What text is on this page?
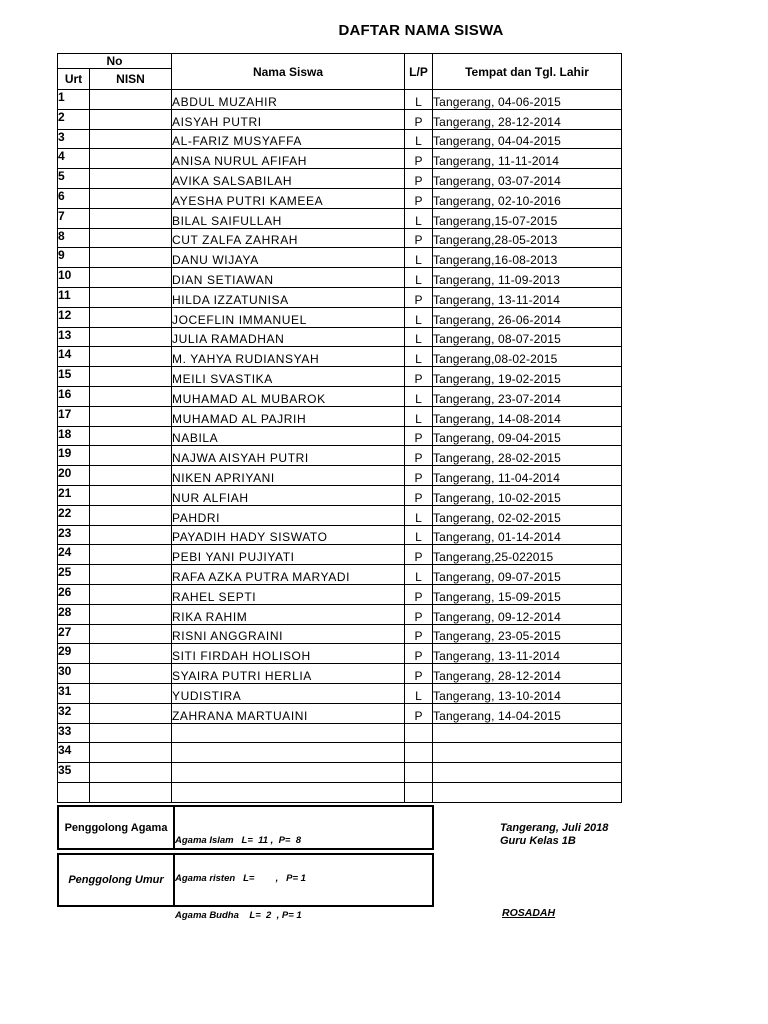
DAFTAR NAMA SISWA
No		Nama Siswa	L/P	Tempat dan Tgl. Lahir
Urt	NISN			
1		ABDUL MUZAHIR	L	Tangerang, 04-06-2015
2		AISYAH PUTRI	P	Tangerang, 28-12-2014
3		AL-FARIZ MUSYAFFA	L	Tangerang, 04-04-2015
4		ANISA NURUL AFIFAH	P	Tangerang, 11-11-2014
5		AVIKA SALSABILAH	P	Tangerang, 03-07-2014
6		AYESHA PUTRI KAMEEA	P	Tangerang, 02-10-2016
7		BILAL SAIFULLAH	L	Tangerang,15-07-2015
8		CUT ZALFA ZAHRAH	P	Tangerang,28-05-2013
9		DANU WIJAYA	L	Tangerang,16-08-2013
10		DIAN SETIAWAN	L	Tangerang, 11-09-2013
11		HILDA IZZATUNISA	P	Tangerang, 13-11-2014
12		JOCEFLIN IMMANUEL	L	Tangerang, 26-06-2014
13		JULIA RAMADHAN	L	Tangerang, 08-07-2015
14		M. YAHYA RUDIANSYAH	L	Tangerang,08-02-2015
15		MEILI SVASTIKA	P	Tangerang, 19-02-2015
16		MUHAMAD AL MUBAROK	L	Tangerang, 23-07-2014
17		MUHAMAD AL PAJRIH	L	Tangerang, 14-08-2014
18		NABILA	P	Tangerang, 09-04-2015
19		NAJWA AISYAH PUTRI	P	Tangerang, 28-02-2015
20		NIKEN APRIYANI	P	Tangerang, 11-04-2014
21		NUR ALFIAH	P	Tangerang, 10-02-2015
22		PAHDRI	L	Tangerang, 02-02-2015
23		PAYADIH HADY SISWATO	L	Tangerang, 01-14-2014
24		PEBI YANI PUJIYATI	P	Tangerang,25-022015
25		RAFA AZKA PUTRA MARYADI	L	Tangerang, 09-07-2015
26		RAHEL SEPTI	P	Tangerang, 15-09-2015
28		RIKA RAHIM	P	Tangerang, 09-12-2014
27		RISNI ANGGRAINI	P	Tangerang, 23-05-2015
29		SITI FIRDAH HOLISOH	P	Tangerang, 13-11-2014
30		SYAIRA PUTRI HERLIA	P	Tangerang, 28-12-2014
31		YUDISTIRA	L	Tangerang, 13-10-2014
32		ZAHRANA MARTUAINI	P	Tangerang, 14-04-2015
33				
34				
35				

Penggolong Agama

Agama Islam   L=  11 ,  P=  8

Agama risten   L=        ,   P= 1

Agama Budha    L=  2  , P= 1

Penggolong Umur
Tangerang, Juli 2018
Guru Kelas 1B
ROSADAH
